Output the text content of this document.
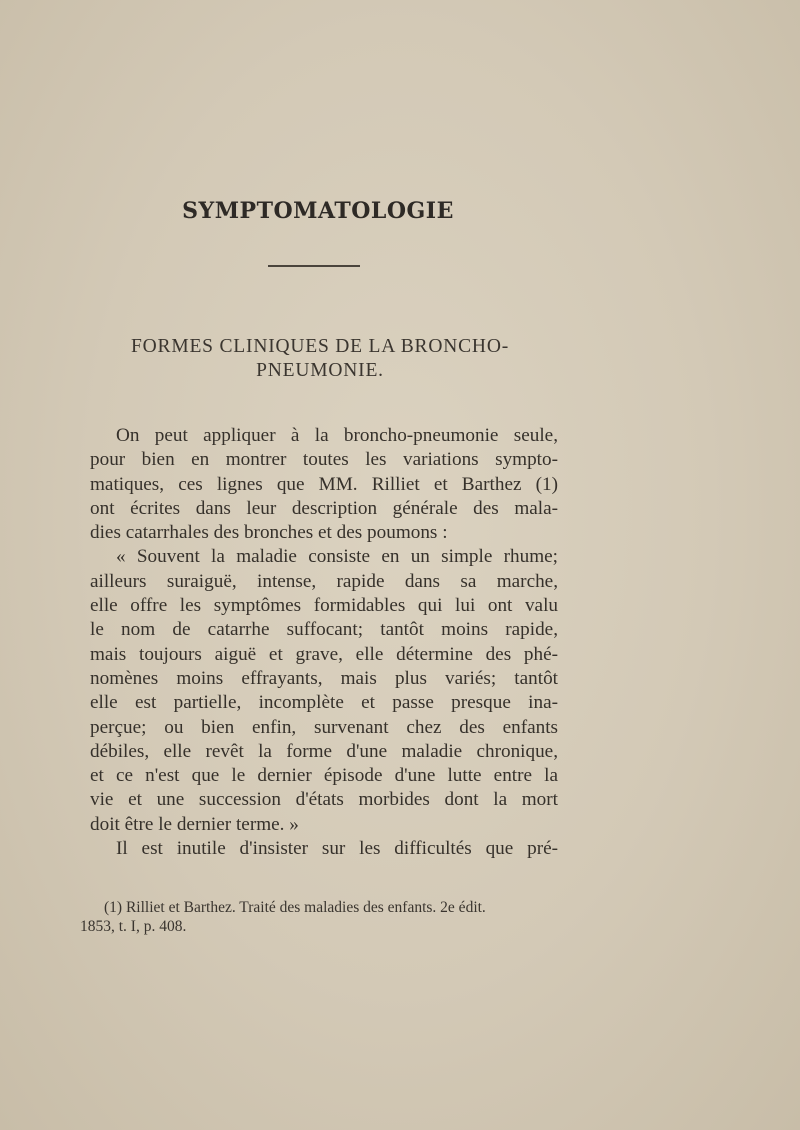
SYMPTOMATOLOGIE
FORMES CLINIQUES DE LA BRONCHO-
PNEUMONIE.

On peut appliquer à la broncho-pneumonie seule,
pour bien en montrer toutes les variations sympto-
matiques, ces lignes que MM. Rilliet et Barthez (1)
ont écrites dans leur description générale des mala-
dies catarrhales des bronches et des poumons :

« Souvent la maladie consiste en un simple rhume;
ailleurs suraiguë, intense, rapide dans sa marche,
elle offre les symptômes formidables qui lui ont valu
le nom de catarrhe suffocant; tantôt moins rapide,
mais toujours aiguë et grave, elle détermine des phé-
nomènes moins effrayants, mais plus variés; tantôt
elle est partielle, incomplète et passe presque ina-
perçue; ou bien enfin, survenant chez des enfants
débiles, elle revêt la forme d'une maladie chronique,
et ce n'est que le dernier épisode d'une lutte entre la
vie et une succession d'états morbides dont la mort
doit être le dernier terme. »

Il est inutile d'insister sur les difficultés que pré-

(1) Rilliet et Barthez. Traité des maladies des enfants. 2e édit.
1853, t. I, p. 408.
